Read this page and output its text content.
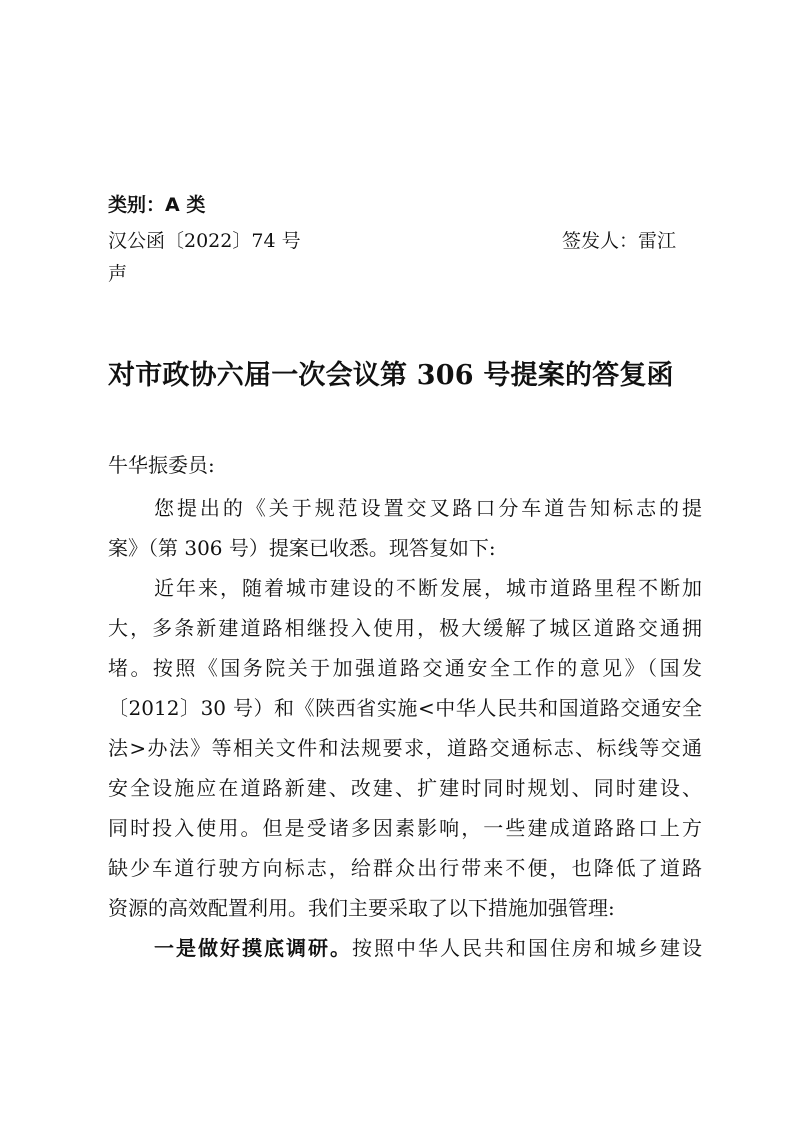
类别：A 类
汉公函〔2022〕74 号	签发人：雷江
声
对市政协六届一次会议第 306 号提案的答复函
牛华振委员:
您提出的《关于规范设置交叉路口分车道告知标志的提
案》（第 306 号）提案已收悉。现答复如下:
近年来，随着城市建设的不断发展，城市道路里程不断加
大，多条新建道路相继投入使用，极大缓解了城区道路交通拥
堵。按照《国务院关于加强道路交通安全工作的意见》（国发
〔2012〕30 号）和《陕西省实施<中华人民共和国道路交通安全
法>办法》等相关文件和法规要求，道路交通标志、标线等交通
安全设施应在道路新建、改建、扩建时同时规划、同时建设、
同时投入使用。但是受诸多因素影响，一些建成道路路口上方
缺少车道行驶方向标志，给群众出行带来不便，也降低了道路
资源的高效配置利用。我们主要采取了以下措施加强管理:
一是做好摸底调研。按照中华人民共和国住房和城乡建设
